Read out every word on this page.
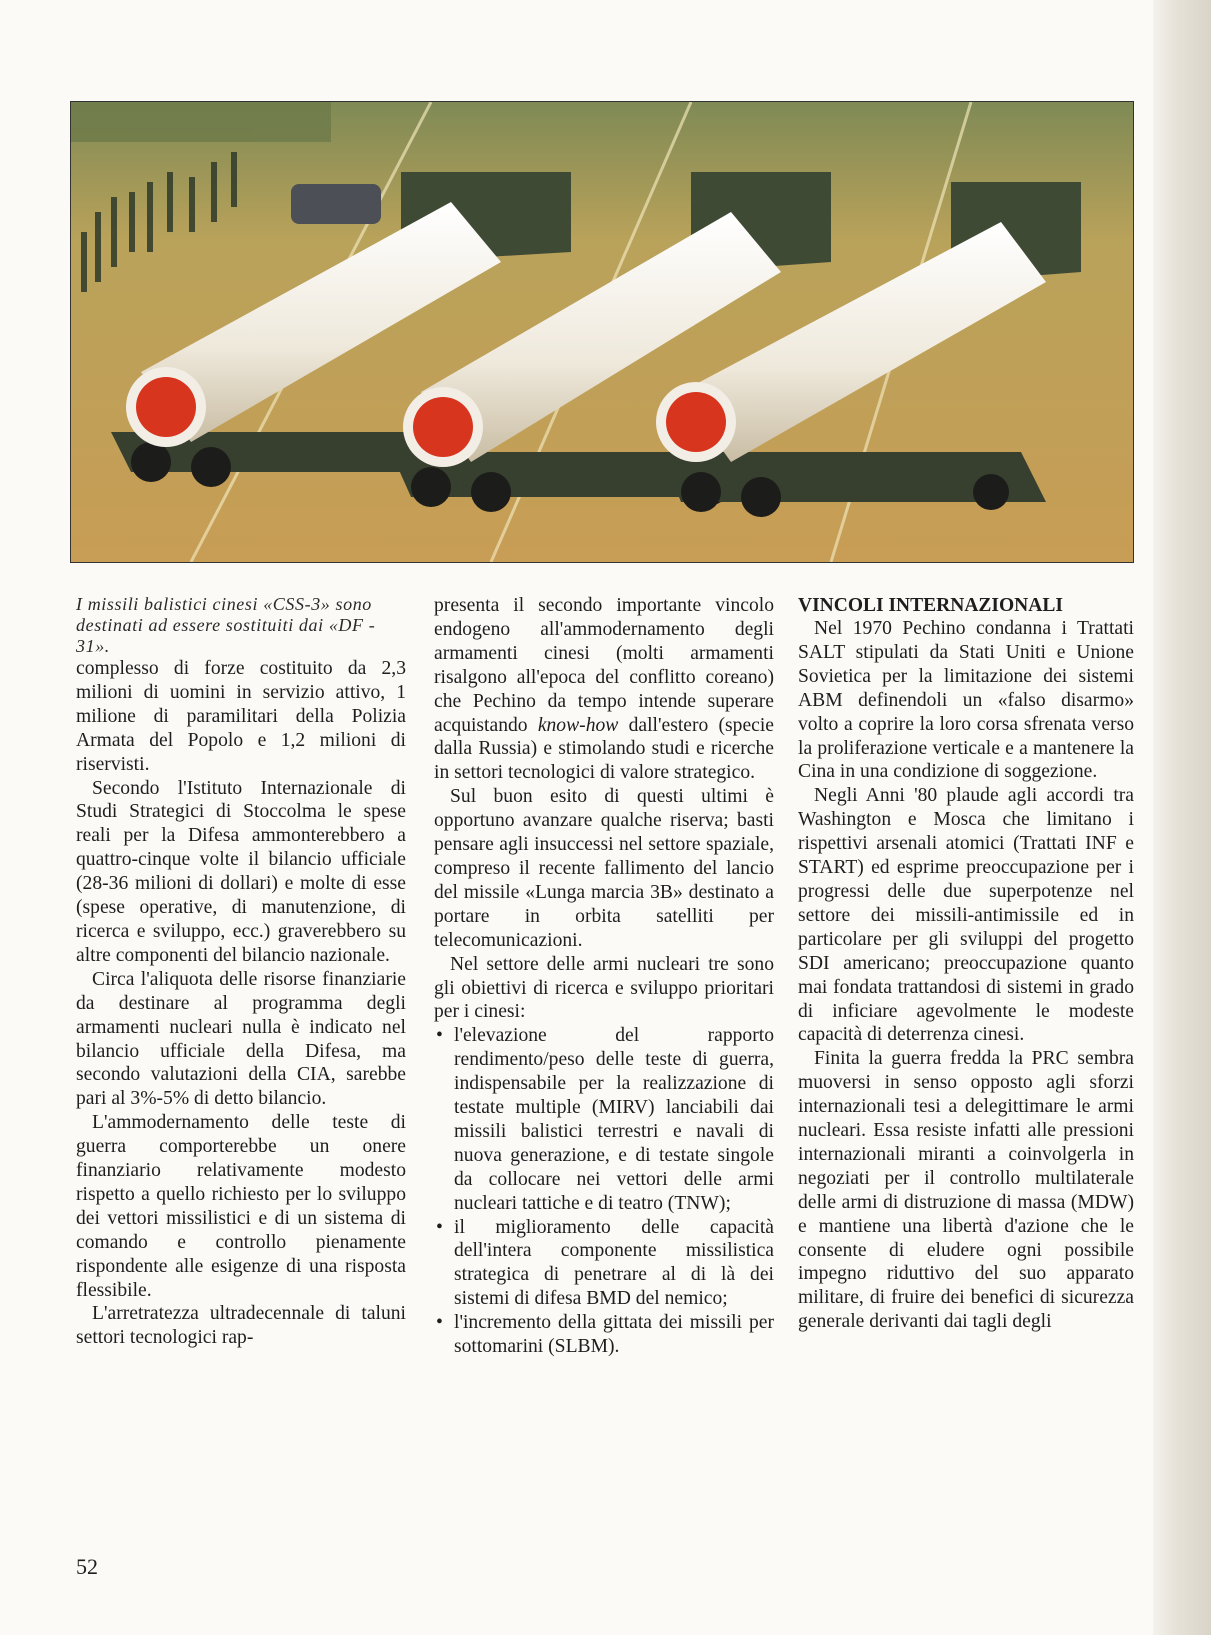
I missili balistici cinesi «CSS-3» sono destinati ad essere sostituiti dai «DF - 31».

complesso di forze costituito da 2,3 milioni di uomini in servizio attivo, 1 milione di paramilitari della Polizia Armata del Popolo e 1,2 milioni di riservisti.

Secondo l'Istituto Internazionale di Studi Strategici di Stoccolma le spese reali per la Difesa ammonterebbero a quattro-cinque volte il bilancio ufficiale (28-36 milioni di dollari) e molte di esse (spese operative, di manutenzione, di ricerca e sviluppo, ecc.) graverebbero su altre componenti del bilancio nazionale.

Circa l'aliquota delle risorse finanziarie da destinare al programma degli armamenti nucleari nulla è indicato nel bilancio ufficiale della Difesa, ma secondo valutazioni della CIA, sarebbe pari al 3%-5% di detto bilancio.

L'ammodernamento delle teste di guerra comporterebbe un onere finanziario relativamente modesto rispetto a quello richiesto per lo sviluppo dei vettori missilistici e di un sistema di comando e controllo pienamente rispondente alle esigenze di una risposta flessibile.

L'arretratezza ultradecennale di taluni settori tecnologici rap-

presenta il secondo importante vincolo endogeno all'ammodernamento degli armamenti cinesi (molti armamenti risalgono all'epoca del conflitto coreano) che Pechino da tempo intende superare acquistando know-how dall'estero (specie dalla Russia) e stimolando studi e ricerche in settori tecnologici di valore strategico.

Sul buon esito di questi ultimi è opportuno avanzare qualche riserva; basti pensare agli insuccessi nel settore spaziale, compreso il recente fallimento del lancio del missile «Lunga marcia 3B» destinato a portare in orbita satelliti per telecomunicazioni.

Nel settore delle armi nucleari tre sono gli obiettivi di ricerca e sviluppo prioritari per i cinesi:

• l'elevazione del rapporto rendimento/peso delle teste di guerra, indispensabile per la realizzazione di testate multiple (MIRV) lanciabili dai missili balistici terrestri e navali di nuova generazione, e di testate singole da collocare nei vettori delle armi nucleari tattiche e di teatro (TNW);
• il miglioramento delle capacità dell'intera componente missilistica strategica di penetrare al di là dei sistemi di difesa BMD del nemico;
• l'incremento della gittata dei missili per sottomarini (SLBM).

VINCOLI INTERNAZIONALI

Nel 1970 Pechino condanna i Trattati SALT stipulati da Stati Uniti e Unione Sovietica per la limitazione dei sistemi ABM definendoli un «falso disarmo» volto a coprire la loro corsa sfrenata verso la proliferazione verticale e a mantenere la Cina in una condizione di soggezione.

Negli Anni '80 plaude agli accordi tra Washington e Mosca che limitano i rispettivi arsenali atomici (Trattati INF e START) ed esprime preoccupazione per i progressi delle due superpotenze nel settore dei missili-antimissile ed in particolare per gli sviluppi del progetto SDI americano; preoccupazione quanto mai fondata trattandosi di sistemi in grado di inficiare agevolmente le modeste capacità di deterrenza cinesi.

Finita la guerra fredda la PRC sembra muoversi in senso opposto agli sforzi internazionali tesi a delegittimare le armi nucleari. Essa resiste infatti alle pressioni internazionali miranti a coinvolgerla in negoziati per il controllo multilaterale delle armi di distruzione di massa (MDW) e mantiene una libertà d'azione che le consente di eludere ogni possibile impegno riduttivo del suo apparato militare, di fruire dei benefici di sicurezza generale derivanti dai tagli degli

52
